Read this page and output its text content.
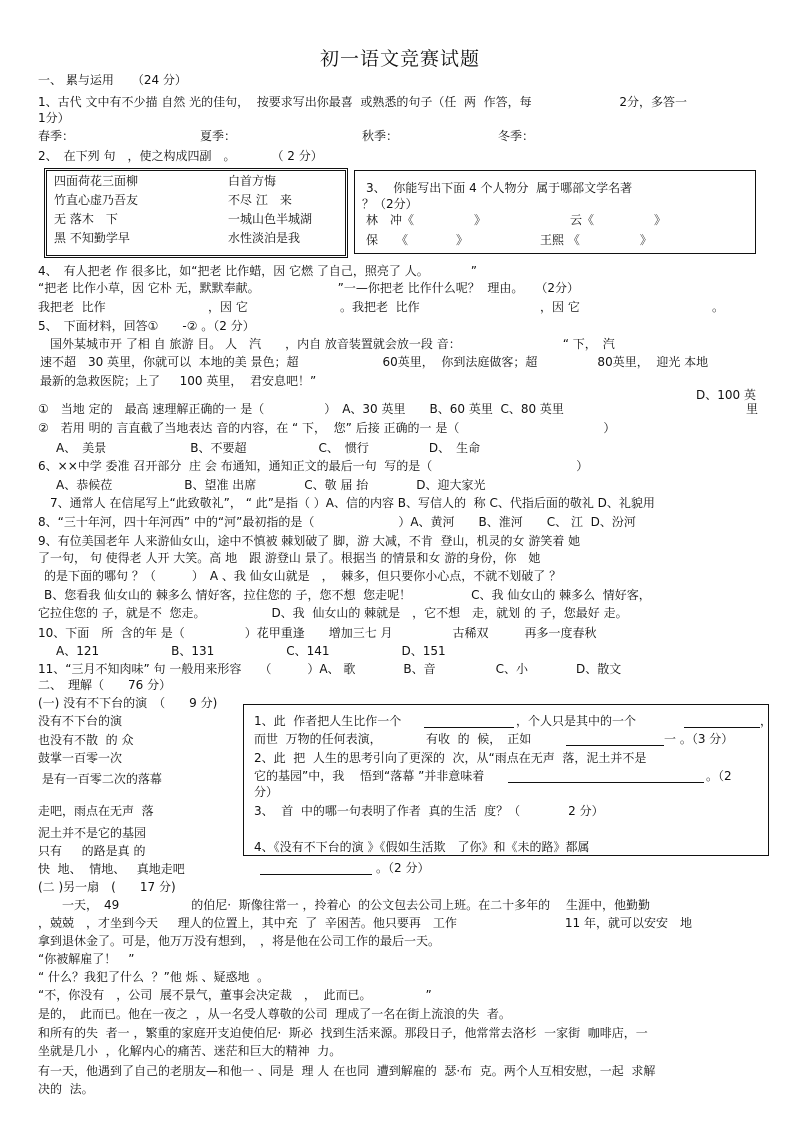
初一语文竞赛试题
一、 累与运用　　（24 分）
1、古代 文中有不少描 自然 光的佳句，  按要求写出你最喜  或熟悉的句子（任  两  作答，每　　　　　　　 2分，多答一
1分）
春季：	夏季：	秋季：	冬季：
2、　在下列 句　，使之构成四副　。　　　　（ 2 分）
四面荷花三面柳	白首方悔
竹直心虚乃吾友	不尽 江　来
无 落木　下	一城山色半城湖
黑 不知勤学早	水性淡泊是我
3、  你能写出下面 4 个人物分  属于哪部文学名著
？（2分）
林　冲《　　　　　》	云《　　　　　》
保　　《　　　　》	王熙 《　　　　　》
4、　有人把老 作 很多比，如“把老 比作蜡，因 它燃 了自己，照亮了 人。　　　　”
“把老 比作小草，因 它朴 无，默默奉献。　　　　　　　”一—你把老 比作什么呢？  理由。　　（2分）
我把老  比作	，因 它	。我把老  比作	，因 它	。
5、　下面材料，回答①　　-② 。（2 分）
　国外某城市开 了相 自 旅游 目。 人　汽　　，内自 放音装置就会放一段 音：　　　　　　　　　“ 下，　汽
速不超　30 英里，你就可以  本地的美 景色；超　　　　　　　60英里，  你到法庭做客；超　　　　　80英里，  迎光 本地
最新的急救医院；上了　  100 英里，  君安息吧！”
D、100 英
①　当地 定的　最高 速理解正确的一 是（　　　　　）　A、30 英里　　B、60 英里  C、80 英里	里
②　若用 明的 言直截了当地表达 音的内容，在 “ 下，  您” 后接 正确的一 是（　　　　　　　　　　　　）
A、　美景　　　　　　　B、不要超　　　　　　C、　惯行　　　　　D、　生命
6、××中学 委准 召开部分  庄 会 布通知，通知正文的最后一句  写的是（　　　　　　　　　　　　）
A、恭候莅　　　　　　B、望准 出席　　　　C、敬 届 抬　　　　D、迎大家光
7、通常人 在信尾写上“此致敬礼”， “ 此”是指（ ）A、信的内容 B、写信人的  称 C、代指后面的敬礼 D、礼貌用
8、“三十年河，四十年河西” 中的“河”最初指的是（　　　　　　　）A、黄河　　B、淮河　　C、 江  D、汾河
9、有位美国老年 人来游仙女山，途中不慎被 棘划破了 脚，游 大减，不肯  登山，机灵的女 游笑着 她
了一句， 句 使得老 人开 大笑。高 地　跟 游登山 景了。根据当 的情景和女 游的身份，你　她
的是下面的哪句 ？（　　　）　A 、我 仙女山就是　，  棘多，但只要你小心点，不就不划破了 ？
B、您看我 仙女山的 棘多么 情好客，拉住您的 子，您不想  您走呢！　　　　　C、我 仙女山的 棘多么  情好客，
它拉住您的 子，就是不  您走。　　　　　　D、我  仙女山的 棘就是　，它不想　走，就划 的 子，您最好 走。
10、下面　所  含的年 是（　　　　　）花甲重逢　　增加三七 月　　　　　古稀双　　　再多一度春秋
A、121　　　　　　B、131　　　　　　C、141　　　　　　D、151
11、“三月不知肉味” 句 一般用来形容　　（　　　）A、 歌　　　　B、音　　　　　C、小　　　　D、散文
二、　理解（　　76 分）
(一) 没有不下台的演　（　　9 分)
没有不下台的演
也没有不散  的 众
鼓掌一百零一次
是有一百零二次的落幕
走吧，雨点在无声  落
泥土并不是它的基园
只有　  的路是真 的
快  地、  情地、   真地走吧
1、此  作者把人生比作一个	，个人只是其中的一个	，
而世  万物的任何表演，	有收  的  候，　正如	一 。（3 分）
2、此  把  人生的思考引向了更深的  次，从“雨点在无声  落，泥土并不是
它的基园”中，我　 悟到“落幕 ”并非意味着	。（2
分）
3、  首  中的哪一句表明了作者  真的生活  度？（　　　　2 分）
4、《没有不下台的演 》《假如生活欺　了你》和《未的路》都属
。（2 分）
(二 )另一扇　(　　17 分)
　　一天，　49　　　　　　的伯尼·  斯像往常一 ，拎着心  的公文包去公司上班。在二十多年的　 生涯中，他勤勤
，兢兢　，才坐到今天　  理人的位置上，其中充  了  辛困苦。他只要再　工作　　　　　　　　　11 年，就可以安安　地
拿到退休金了。可是，他万万没有想到，　，将是他在公司工作的最后一天。
“你被解雇了！　”
“ 什么？我犯了什么  ？”他 烁 、疑惑地  。
“不，你没有　，公司  展不景气，董事会决定裁　，  此而已。　　　　　”
是的，　此而已。他在一夜之  ，从一名受人尊敬的公司  理成了一名在街上流浪的失  者。
和所有的失  者一 ，繁重的家庭开支迫使伯尼·  斯必  找到生活来源。那段日子，他常常去洛杉  一家街  咖啡店，一
坐就是几小  ，化解内心的痛苦、迷茫和巨大的精神  力。
有一天，他遇到了自己的老朋友—和他一 、同是  理 人 在也同  遭到解雇的  瑟·布  克。两个人互相安慰，一起  求解
决的  法。
